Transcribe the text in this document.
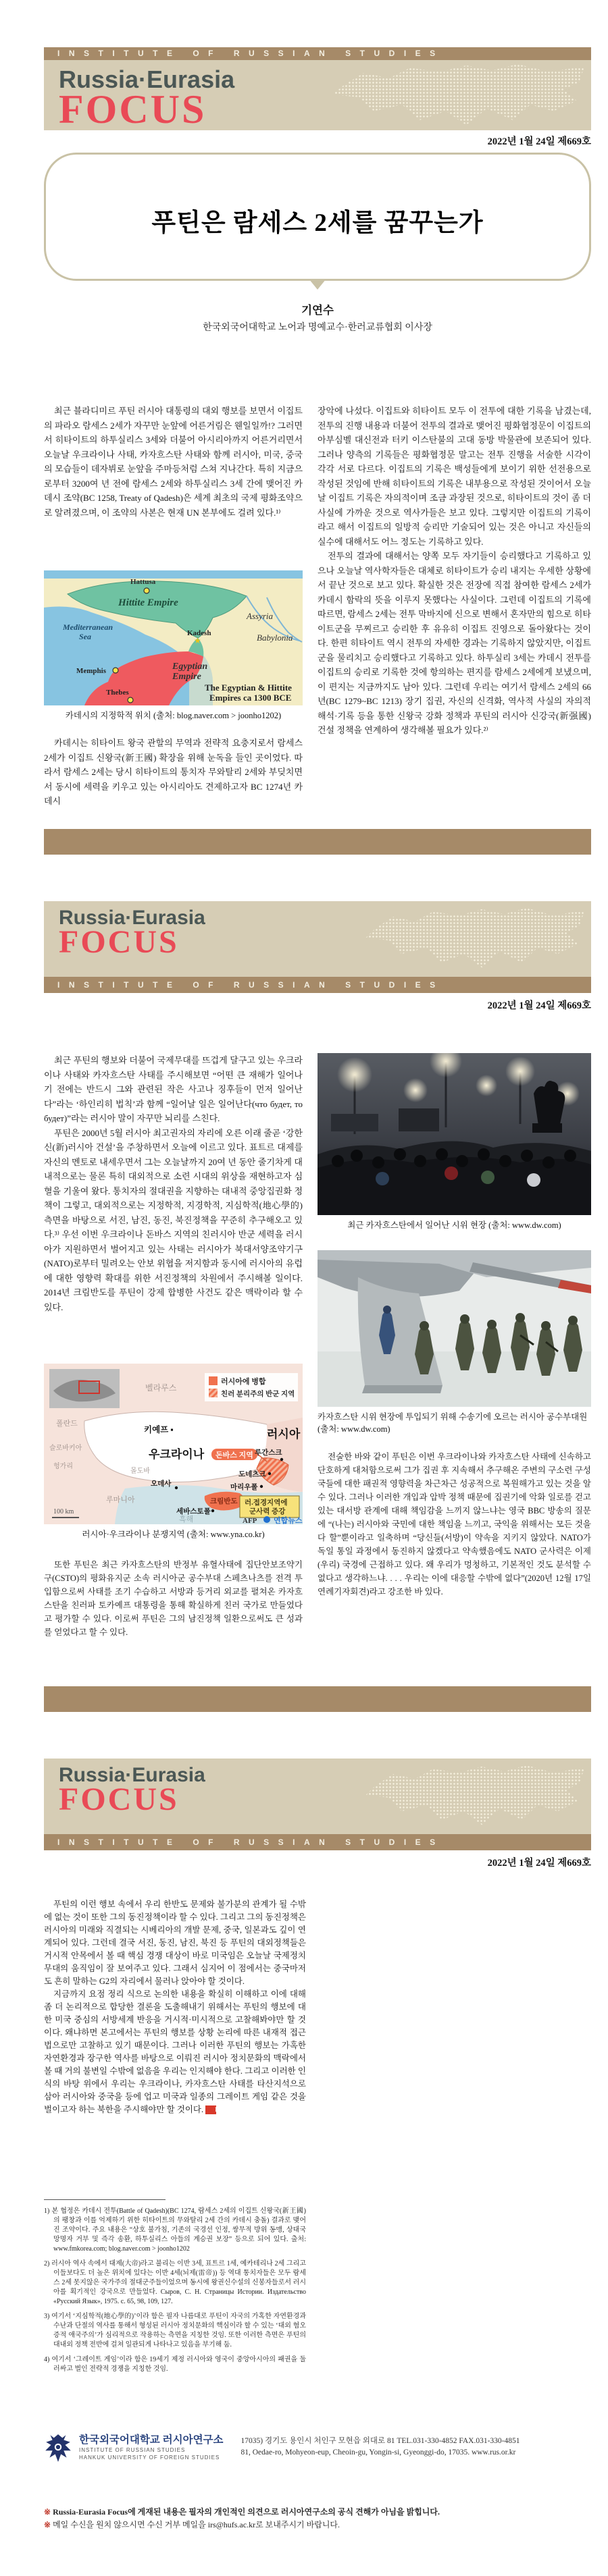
INSTITUTE OF RUSSIAN STUDIES
Russia·Eurasia
FOCUS
2022년 1월 24일 제669호
푸틴은 람세스 2세를 꿈꾸는가
기연수
한국외국어대학교 노어과 명예교수·한러교류협회 이사장

최근 블라디미르 푸틴 러시아 대통령의 대외 행보를 보면서 이집트의 파라오 람세스 2세가 자꾸만 눈앞에 어른거림은 웬일일까!? 그러면서 히타이트의 하투실리스 3세와 더불어 아시리아까지 어른거리면서 오늘날 우크라이나 사태, 카자흐스탄 사태와 함께 러시아, 미국, 중국의 모습들이 데자뷔로 눈앞을 주마등처럼 스쳐 지나간다. 특히 지금으로부터 3200여 년 전에 람세스 2세와 하투실리스 3세 간에 맺어진 카데시 조약(BC 1258, Treaty of Qadesh)은 세계 최초의 국제 평화조약으로 알려졌으며, 이 조약의 사본은 현재 UN 본부에도 걸려 있다.¹⁾

Hattusa
Hittite Empire
Kadesh
★
Assyria
Babylonia
Mediterranean
Sea
Memphis	Egyptian
Empire
Thebes	The Egyptian & Hittite
Empires ca 1300 BCE
카데시의 지정학적 위치 (출처: blog.naver.com > joonho1202)

카데시는 히타이트 왕국 관할의 무역과 전략적 요충지로서 람세스 2세가 이집트 신왕국(新王國) 확장을 위해 눈독을 들인 곳이었다. 따라서 람세스 2세는 당시 히타이트의 통치자 무와탈리 2세와 부딪치면서 동시에 세력을 키우고 있는 아시리아도 견제하고자 BC 1274년 카데시

장악에 나섰다. 이집트와 히타이트 모두 이 전투에 대한 기록을 남겼는데, 전투의 진행 내용과 더불어 전투의 결과로 맺어진 평화협정문이 이집트의 아부심벨 대신전과 터키 이스탄불의 고대 동방 박물관에 보존되어 있다. 그러나 양측의 기록들은 평화협정문 말고는 전투 진행을 서술한 시각이 각각 서로 다르다. 이집트의 기록은 백성들에게 보이기 위한 선전용으로 작성된 것임에 반해 히타이트의 기록은 내부용으로 작성된 것이어서 오늘날 이집트 기록은 자의적이며 조금 과장된 것으로, 히타이트의 것이 좀 더 사실에 가까운 것으로 역사가들은 보고 있다. 그렇지만 이집트의 기록이라고 해서 이집트의 일방적 승리만 기술되어 있는 것은 아니고 자신들의 실수에 대해서도 어느 정도는 기록하고 있다.

전투의 결과에 대해서는 양쪽 모두 자기들이 승리했다고 기록하고 있으나 오늘날 역사학자들은 대체로 히타이트가 승리 내지는 우세한 상황에서 끝난 것으로 보고 있다. 확실한 것은 전장에 직접 참여한 람세스 2세가 카데시 함락의 뜻을 이루지 못했다는 사실이다. 그런데 이집트의 기록에 따르면, 람세스 2세는 전투 막바지에 신으로 변해서 혼자만의 힘으로 히타이트군을 무찌르고 승리한 후 유유히 이집트 진영으로 돌아왔다는 것이다. 한편 히타이트 역시 전투의 자세한 경과는 기록하지 않았지만, 이집트군을 물리치고 승리했다고 기록하고 있다. 하투실리 3세는 카데시 전투를 이집트의 승리로 기록한 것에 항의하는 편지를 람세스 2세에게 보냈으며, 이 편지는 지금까지도 남아 있다. 그런데 우리는 여기서 람세스 2세의 66년(BC 1279~BC 1213) 장기 집권, 자신의 신격화, 역사적 사실의 자의적 해석·기록 등을 통한 신왕국 강화 정책과 푸틴의 러시아 신강국(新强國) 건설 정책을 연계하여 생각해볼 필요가 있다.²⁾

Russia·Eurasia
FOCUS
INSTITUTE OF RUSSIAN STUDIES
2022년 1월 24일 제669호

최근 푸틴의 행보와 더불어 국제무대를 뜨겁게 달구고 있는 우크라이나 사태와 카자흐스탄 사태를 주시해보면 “어떤 큰 재해가 일어나기 전에는 반드시 그와 관련된 작은 사고나 징후들이 먼저 일어난다”라는 ‘하인리히 법칙’과 함께 “일어날 일은 일어난다(что будет, то будет)”라는 러시아 말이 자꾸만 뇌리를 스친다.

푸틴은 2000년 5월 러시아 최고권자의 자리에 오른 이래 줄곧 ‘강한 신(新)러시아 건설’을 주창하면서 오늘에 이르고 있다. 표트르 대제를 자신의 멘토로 내세우면서 그는 오늘날까지 20여 년 동안 줄기차게 대내적으로는 물론 특히 대외적으로 소련 시대의 위상을 재현하고자 심혈을 기울여 왔다. 통치자의 절대권을 지향하는 대내적 중앙집권화 정책이 그렇고, 대외적으로는 지정학적, 지경학적, 지심학적(地心學的) 측면을 바탕으로 서진, 남진, 동진, 북진정책을 꾸준히 추구해오고 있다.³⁾ 우선 이번 우크라이나 돈바스 지역의 친러시아 반군 세력을 러시아가 지원하면서 벌어지고 있는 사태는 러시아가 북대서양조약기구(NATO)로부터 밀려오는 안보 위협을 저지함과 동시에 러시아의 유럽에 대한 영향력 확대를 위한 서진정책의 차원에서 주시해볼 일이다. 2014년 크림반도를 푸틴이 강제 합병한 사건도 같은 맥락이라 할 수 있다.

러시아에 병합
친러 분리주의 반군 지역
벨라루스
폴란드
슬로바키아
헝가리
루마니아
몰도바
키예프 ▪
우크라이나
러시아
돈바스 지역 루간스크
도네츠크
마리우폴
오데사
크림반도
세바스토폴
흑해
러.접경지역에
군사력 증강
100 km
AFP 연합뉴스
러시아·우크라이나 분쟁지역 (출처: www.yna.co.kr)

또한 푸틴은 최근 카자흐스탄의 반정부 유혈사태에 집단안보조약기구(CSTO)의 평화유지군 소속 러시아군 공수부대 스페츠나츠를 전격 투입함으로써 사태를 조기 수습하고 서방과 등거리 외교를 펼쳐온 카자흐스탄을 친러파 토카예프 대통령을 통해 확실하게 친러 국가로 만들었다고 평가할 수 있다. 이로써 푸틴은 그의 남진정책 일환으로써도 큰 성과를 얻었다고 할 수 있다.

최근 카자흐스탄에서 일어난 시위 현장 (출처: www.dw.com)
카자흐스탄 시위 현장에 투입되기 위해 수송기에 오르는 러시아 공수부대원
(출처: www.dw.com)

전술한 바와 같이 푸틴은 이번 우크라이나와 카자흐스탄 사태에 신속하고 단호하게 대처함으로써 그가 집권 후 지속해서 추구해온 주변의 구소련 구성국들에 대한 패권적 영향력을 차근차근 성공적으로 복원해가고 있는 것을 알 수 있다. 그러나 이러한 개입과 압박 정책 때문에 집권기에 악화 일로를 걷고 있는 대서방 관계에 대해 책임감을 느끼지 않느냐는 영국 BBC 방송의 질문에 “(나는) 러시아와 국민에 대한 책임을 느끼고, 국익을 위해서는 모든 것을 다 할”뿐이라고 일축하며 “당신들(서방)이 약속을 지키지 않았다. NATO가 독일 통일 과정에서 동진하지 않겠다고 약속했음에도 NATO 군사력은 이제 (우리) 국경에 근접하고 있다. 왜 우리가 멍청하고, 기본적인 것도 분석할 수 없다고 생각하느냐. . . . 우리는 이에 대응할 수밖에 없다”(2020년 12월 17일 연례기자회견)라고 강조한 바 있다.

Russia·Eurasia
FOCUS
INSTITUTE OF RUSSIAN STUDIES
2022년 1월 24일 제669호

푸틴의 이런 행보 속에서 우리 한반도 문제와 불가분의 관계가 될 수밖에 없는 것이 또한 그의 동진정책이라 할 수 있다. 그리고 그의 동진정책은 러시아의 미래와 직결되는 시베리아의 개발 문제, 중국, 일본과도 깊이 연계되어 있다. 그런데 결국 서진, 동진, 남진, 북진 등 푸틴의 대외정책들은 거시적 안목에서 볼 때 핵심 경쟁 대상이 바로 미국임은 오늘날 국제정치 무대의 움직임이 잘 보여주고 있다. 그래서 심지어 이 점에서는 중국마저도 흔히 말하는 G2의 자리에서 물러나 앉아야 할 것이다.

지금까지 요점 정리 식으로 논의한 내용을 확실히 이해하고 이에 대해 좀 더 논리적으로 합당한 결론을 도출해내기 위해서는 푸틴의 행보에 대한 미국 중심의 서방세계 반응을 거시적·미시적으로 고찰해봐야만 할 것이다. 왜냐하면 본고에서는 푸틴의 행보를 상황 논리에 따른 내재적 접근법으로만 고찰하고 있기 때문이다. 그러나 이러한 푸틴의 행보는 가혹한 자연환경과 장구한 역사를 바탕으로 이뤄진 러시아 정치문화의 맥락에서 볼 때 거의 불변일 수밖에 없음을 우리는 인지해야 한다. 그리고 이러한 인식의 바탕 위에서 우리는 우크라이나, 카자흐스탄 사태를 타산지석으로 삼아 러시아와 중국을 등에 업고 미국과 일종의 그레이트 게임 같은 것을 벌이고자 하는 북한을 주시해야만 할 것이다. RS

1) 본 협정은 카데시 전투(Battle of Qadesh)(BC 1274, 람세스 2세의 이집트 신왕국(新王國)의 팽창과 이를 억제하기 위한 히타이트의 무와탈리 2세 간의 카데시 충돌) 결과로 맺어진 조약이다. 주요 내용은 “상호 불가침, 기존의 국경선 인정, 쌍무적 방위 동맹, 상대국 망명자 거부 및 즉각 송환, 하투실리스 아들의 계승권 보장” 등으로 되어 있다. 출처: www.fmkorea.com; blog.naver.com > joonho1202

2) 러시아 역사 속에서 대제(大帝)라고 불리는 이반 3세, 표트르 1세, 예카테리나 2세 그리고 이들보다도 더 높은 위치에 있다는 이반 4세(뇌제(雷帝)) 등 역대 통치자들은 모두 람세스 2세 못지않은 국가주의 절대군주들이었으며 동시에 왕권신수설의 신봉자들로서 러시아를 획기적인 강국으로 만들었다. Сыров, С. Н. Страницы Истории. Издательство «Русский Язык», 1975. с. 65, 98, 109, 127.

3) 여기서 ‘지심학적(地心學的)’이라 함은 필자 나름대로 푸틴이 자국의 가혹한 자연환경과 수난과 단절의 역사를 통해서 형성된 러시아 정치문화의 핵심이라 할 수 있는 ‘대외 혐오증적 애국주의’가 심리적으로 작용하는 측면을 지칭한 것임. 또한 이러한 측면은 푸틴의 대내외 정책 전반에 걸쳐 일관되게 나타나고 있음을 부기해 둠.

4) 여기서 ‘그레이트 게임’이라 함은 19세기 제정 러시아와 영국이 중앙아시아의 패권을 둘러싸고 벌인 전략적 경쟁을 지칭한 것임.

한국외국어대학교 러시아연구소
INSTITUTE OF RUSSIAN STUDIES
HANKUK UNIVERSITY OF FOREIGN STUDIES
17035) 경기도 용인시 처인구 모현읍 외대로 81 TEL.031-330-4852 FAX.031-330-4851
81, Oedae-ro, Mohyeon-eup, Cheoin-gu, Yongin-si, Gyeonggi-do, 17035. www.rus.or.kr
※ Russia-Eurasia Focus에 게재된 내용은 필자의 개인적인 의견으로 러시아연구소의 공식 견해가 아님을 밝힙니다.
※ 메일 수신을 원치 않으시면 수신 거부 메일을 irs@hufs.ac.kr로 보내주시기 바랍니다.
